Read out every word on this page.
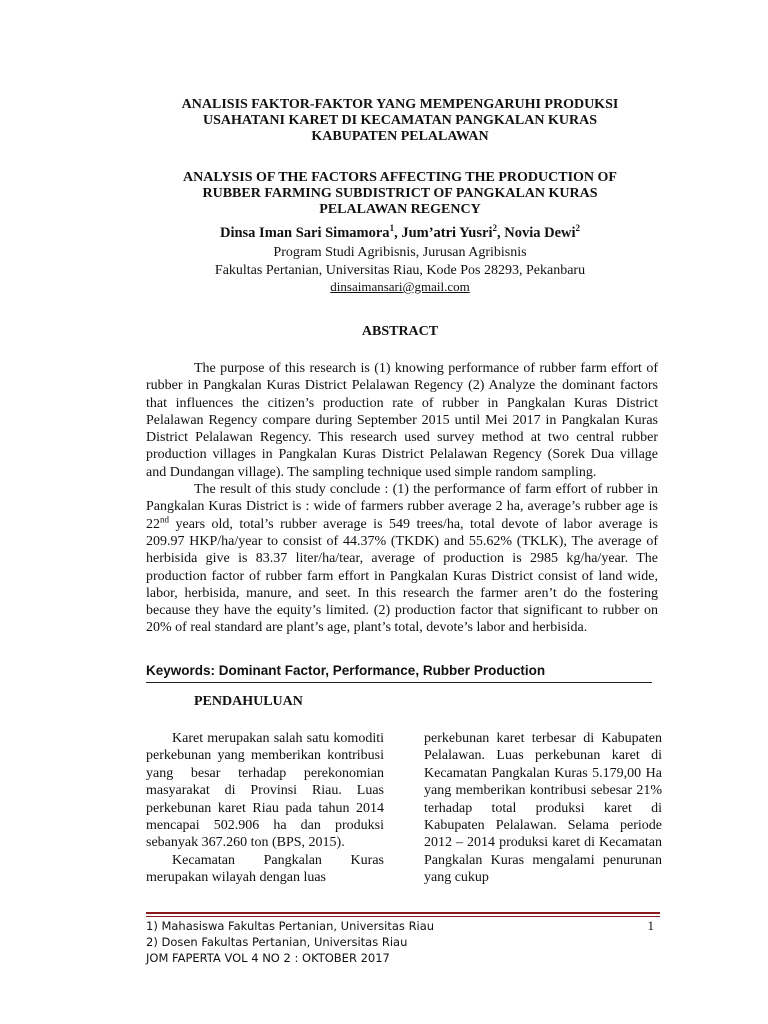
ANALISIS FAKTOR-FAKTOR YANG MEMPENGARUHI PRODUKSI
USAHATANI KARET DI KECAMATAN PANGKALAN KURAS
KABUPATEN PELALAWAN
ANALYSIS OF THE FACTORS AFFECTING THE PRODUCTION OF
RUBBER FARMING SUBDISTRICT OF PANGKALAN KURAS
PELALAWAN REGENCY
Dinsa Iman Sari Simamora$^1$, Jum’atri Yusri$^2$, Novia Dewi$^2$
Program Studi Agribisnis, Jurusan Agribisnis
Fakultas Pertanian, Universitas Riau, Kode Pos 28293, Pekanbaru
dinsaimansari@gmail.com
ABSTRACT

The purpose of this research is (1) knowing performance of rubber farm effort of rubber in Pangkalan Kuras District Pelalawan Regency (2) Analyze the dominant factors that influences the citizen’s production rate of rubber in Pangkalan Kuras District Pelalawan Regency compare during September 2015 until Mei 2017 in Pangkalan Kuras District Pelalawan Regency. This research used survey method at two central rubber production villages in Pangkalan Kuras District Pelalawan Regency (Sorek Dua village and Dundangan village). The sampling technique used simple random sampling.

The result of this study conclude : (1) the performance of farm effort of rubber in Pangkalan Kuras District is : wide of farmers rubber average 2 ha, average’s rubber age is 22nd years old, total’s rubber average is 549 trees/ha, total devote of labor average is 209.97 HKP/ha/year to consist of 44.37% (TKDK) and 55.62% (TKLK), The average of herbisida give is 83.37 liter/ha/tear, average of production is 2985 kg/ha/year. The production factor of rubber farm effort in Pangkalan Kuras District consist of land wide, labor, herbisida, manure, and seet. In this research the farmer aren’t do the fostering because they have the equity’s limited. (2) production factor that significant to rubber on 20% of real standard are plant’s age, plant’s total, devote’s labor and herbisida.

Keywords: Dominant Factor, Performance, Rubber Production
PENDAHULUAN

Karet merupakan salah satu komoditi perkebunan yang memberikan kontribusi yang besar terhadap perekonomian masyarakat di Provinsi Riau. Luas perkebunan karet Riau pada tahun 2014 mencapai 502.906 ha dan produksi sebanyak 367.260 ton (BPS, 2015).

Kecamatan Pangkalan Kuras merupakan wilayah dengan luas

perkebunan karet terbesar di Kabupaten Pelalawan. Luas perkebunan karet di Kecamatan Pangkalan Kuras 5.179,00 Ha yang memberikan kontribusi sebesar 21% terhadap total produksi karet di Kabupaten Pelalawan. Selama periode 2012 – 2014 produksi karet di Kecamatan Pangkalan Kuras mengalami penurunan yang cukup

1) Mahasiswa Fakultas Pertanian, Universitas Riau
2) Dosen Fakultas Pertanian, Universitas Riau
JOM FAPERTA VOL 4 NO 2 : OKTOBER 2017
1
